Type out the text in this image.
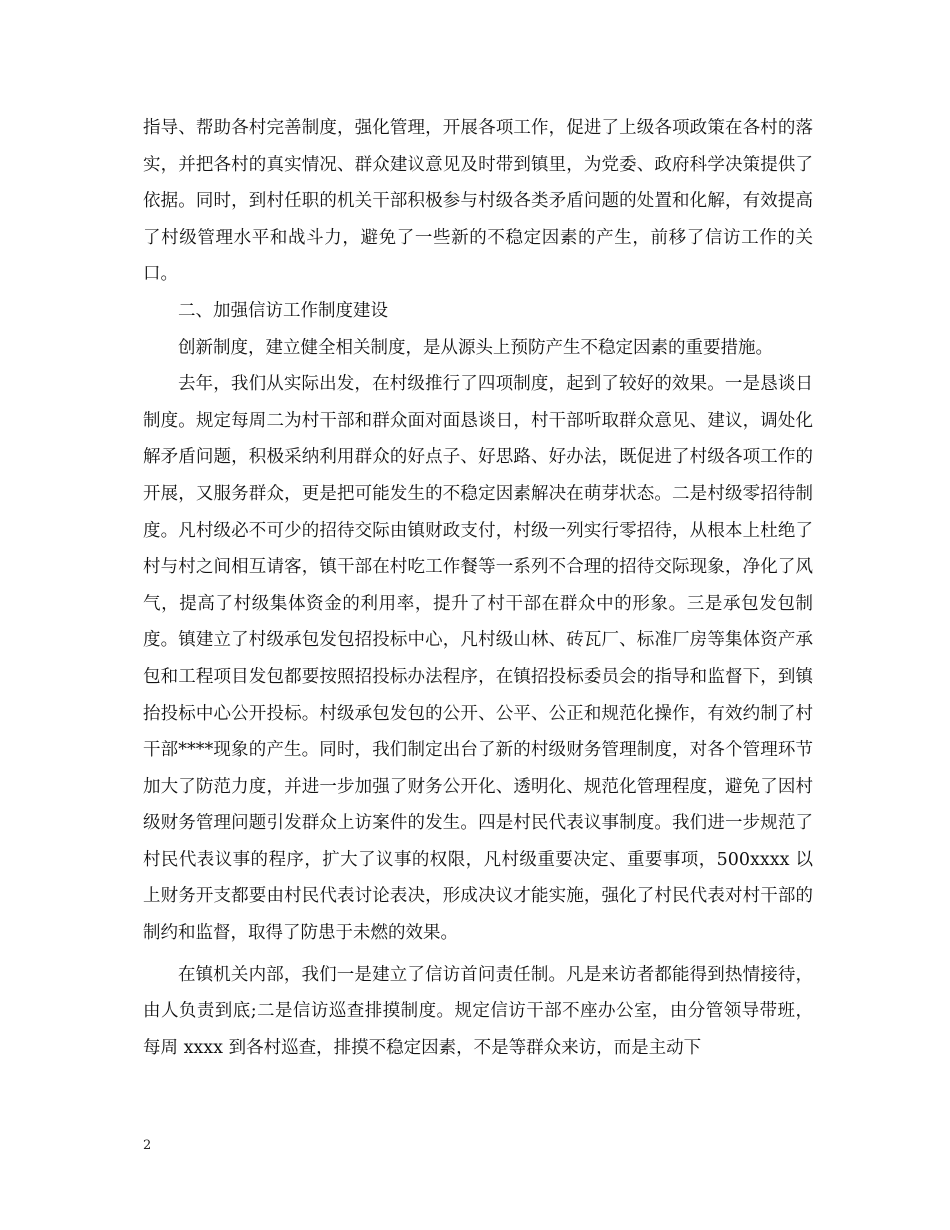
指导、帮助各村完善制度，强化管理，开展各项工作，促进了上级各项政策在各村的落实，并把各村的真实情况、群众建议意见及时带到镇里，为党委、政府科学决策提供了依据。同时，到村任职的机关干部积极参与村级各类矛盾问题的处置和化解，有效提高了村级管理水平和战斗力，避免了一些新的不稳定因素的产生，前移了信访工作的关口。

二、加强信访工作制度建设

创新制度，建立健全相关制度，是从源头上预防产生不稳定因素的重要措施。

去年，我们从实际出发，在村级推行了四项制度，起到了较好的效果。一是恳谈日制度。规定每周二为村干部和群众面对面恳谈日，村干部听取群众意见、建议，调处化解矛盾问题，积极采纳利用群众的好点子、好思路、好办法，既促进了村级各项工作的开展，又服务群众，更是把可能发生的不稳定因素解决在萌芽状态。二是村级零招待制度。凡村级必不可少的招待交际由镇财政支付，村级一列实行零招待，从根本上杜绝了村与村之间相互请客，镇干部在村吃工作餐等一系列不合理的招待交际现象，净化了风气，提高了村级集体资金的利用率，提升了村干部在群众中的形象。三是承包发包制度。镇建立了村级承包发包招投标中心，凡村级山林、砖瓦厂、标准厂房等集体资产承包和工程项目发包都要按照招投标办法程序，在镇招投标委员会的指导和监督下，到镇抬投标中心公开投标。村级承包发包的公开、公平、公正和规范化操作，有效约制了村干部****现象的产生。同时，我们制定出台了新的村级财务管理制度，对各个管理环节加大了防范力度，并进一步加强了财务公开化、透明化、规范化管理程度，避免了因村级财务管理问题引发群众上访案件的发生。四是村民代表议事制度。我们进一步规范了村民代表议事的程序，扩大了议事的权限，凡村级重要决定、重要事项，500xxxx 以上财务开支都要由村民代表讨论表决，形成决议才能实施，强化了村民代表对村干部的制约和监督，取得了防患于未燃的效果。

在镇机关内部，我们一是建立了信访首问责任制。凡是来访者都能得到热情接待，由人负责到底;二是信访巡查排摸制度。规定信访干部不座办公室，由分管领导带班，每周 xxxx 到各村巡查，排摸不稳定因素，不是等群众来访，而是主动下

2
